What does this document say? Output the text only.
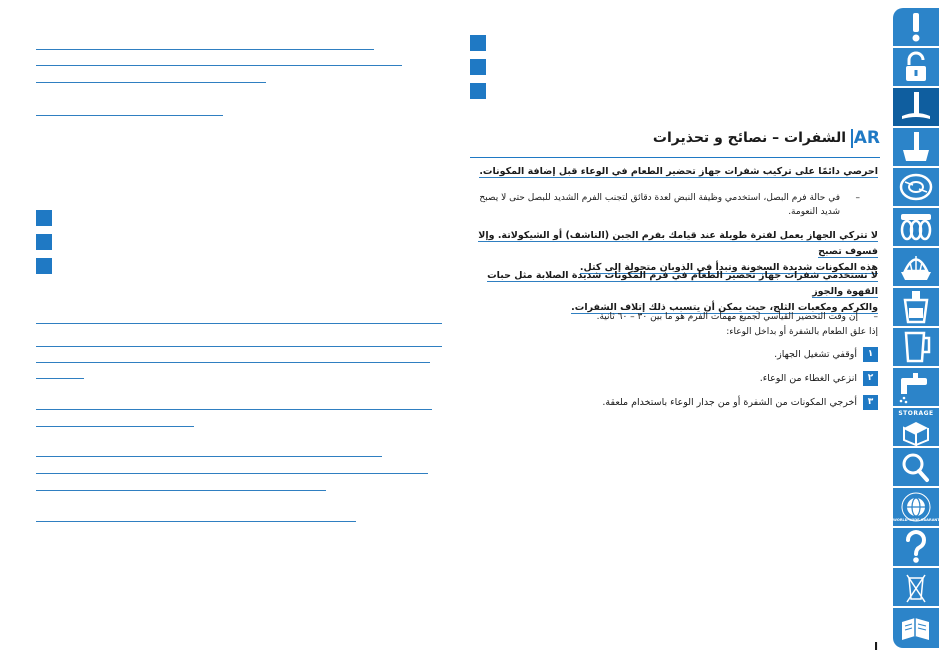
AR
الشفرات – نصائح و تحذيرات
احرصي دائمًا على تركيب شفرات جهاز تحضير الطعام في الوعاء قبل إضافة المكونات.
في حالة فرم البصل، استخدمي وظيفة النبض لعدة دقائق لتجنب الفرم الشديد للبصل حتى لا يصبح شديد النعومة.
–
لا تتركي الجهاز يعمل لفترة طويلة عند قيامك بفرم الجبن (الناشف) أو الشيكولاتة. وإلا فسوف تصبح
هذه المكونات شديدة السخونة وتبدأ في الذوبان متحولة إلى كتل.
لا تستخدمي شفرات جهاز تحضير الطعام في فرم المكونات شديدة الصلابة مثل حبات القهوة والجوز
والكركم ومكعبات الثلج، حيث يمكن أن يتسبب ذلك إتلاف الشفرات.
إن وقت التحضير القياسي لجميع مهمات الفرم هو ما بين ٣٠ – ٦٠ ثانية.	–
إذا علق الطعام بالشفرة أو بداخل الوعاء:
١أوقفي تشغيل الجهاز.
٢انزعي الغطاء من الوعاء.
٣أخرجي المكونات من الشفرة أو من جدار الوعاء باستخدام ملعقة.
STORAGE
WORLD-WIDE GUARANTEE
I
